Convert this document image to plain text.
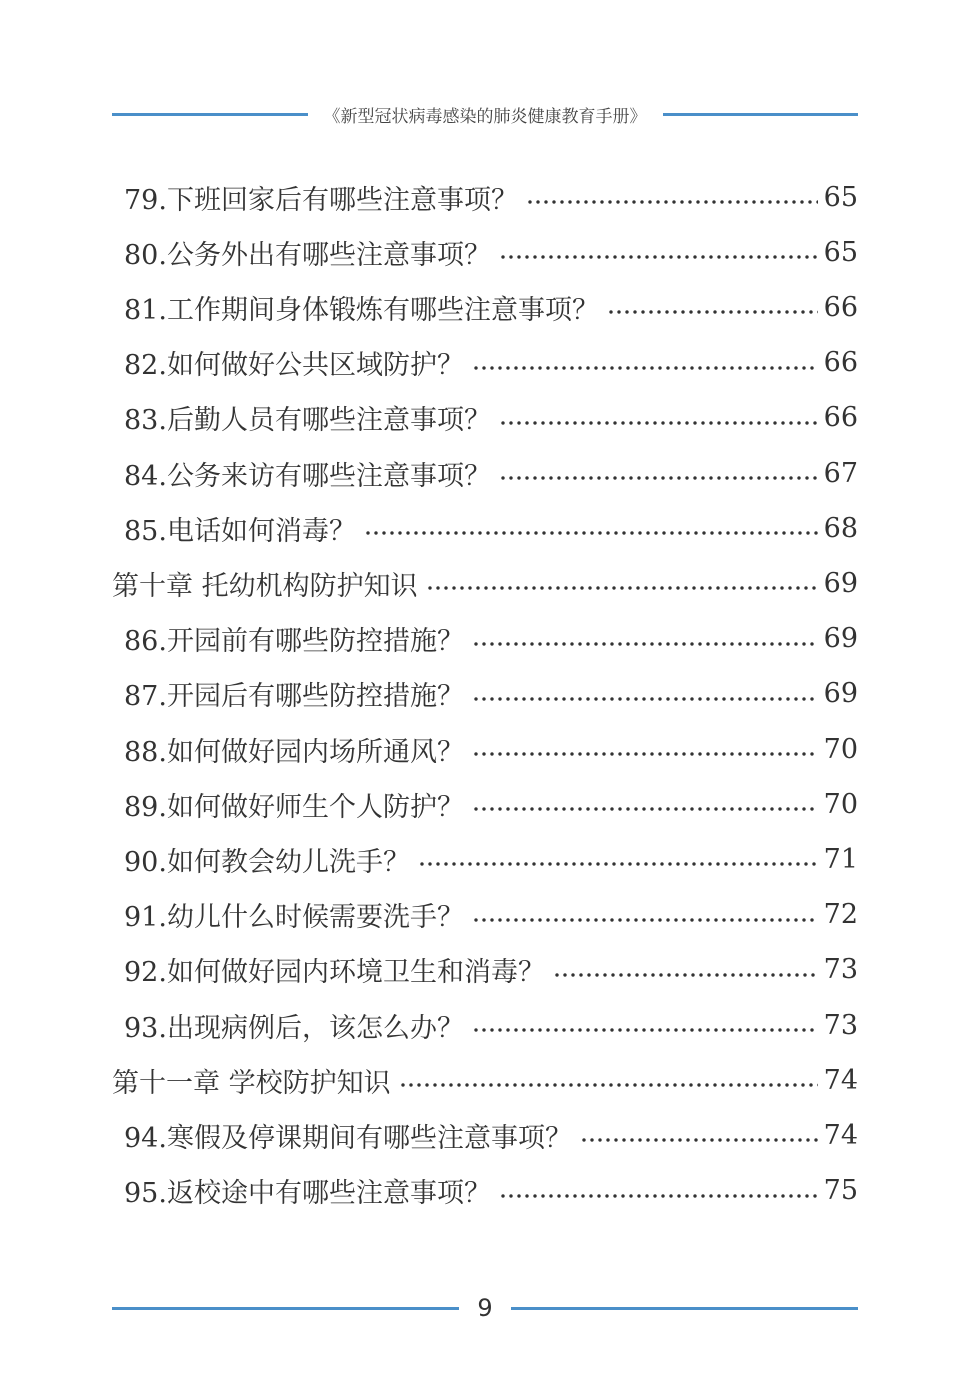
《新型冠状病毒感染的肺炎健康教育手册》
79.下班回家后有哪些注意事项？	65
80.公务外出有哪些注意事项？	65
81.工作期间身体锻炼有哪些注意事项？	66
82.如何做好公共区域防护？	66
83.后勤人员有哪些注意事项？	66
84.公务来访有哪些注意事项？	67
85.电话如何消毒？	68
第十章 托幼机构防护知识	69
86.开园前有哪些防控措施？	69
87.开园后有哪些防控措施？	69
88.如何做好园内场所通风？	70
89.如何做好师生个人防护？	70
90.如何教会幼儿洗手？	71
91.幼儿什么时候需要洗手？	72
92.如何做好园内环境卫生和消毒？	73
93.出现病例后，该怎么办？	73
第十一章 学校防护知识	74
94.寒假及停课期间有哪些注意事项？	74
95.返校途中有哪些注意事项？	75
9
